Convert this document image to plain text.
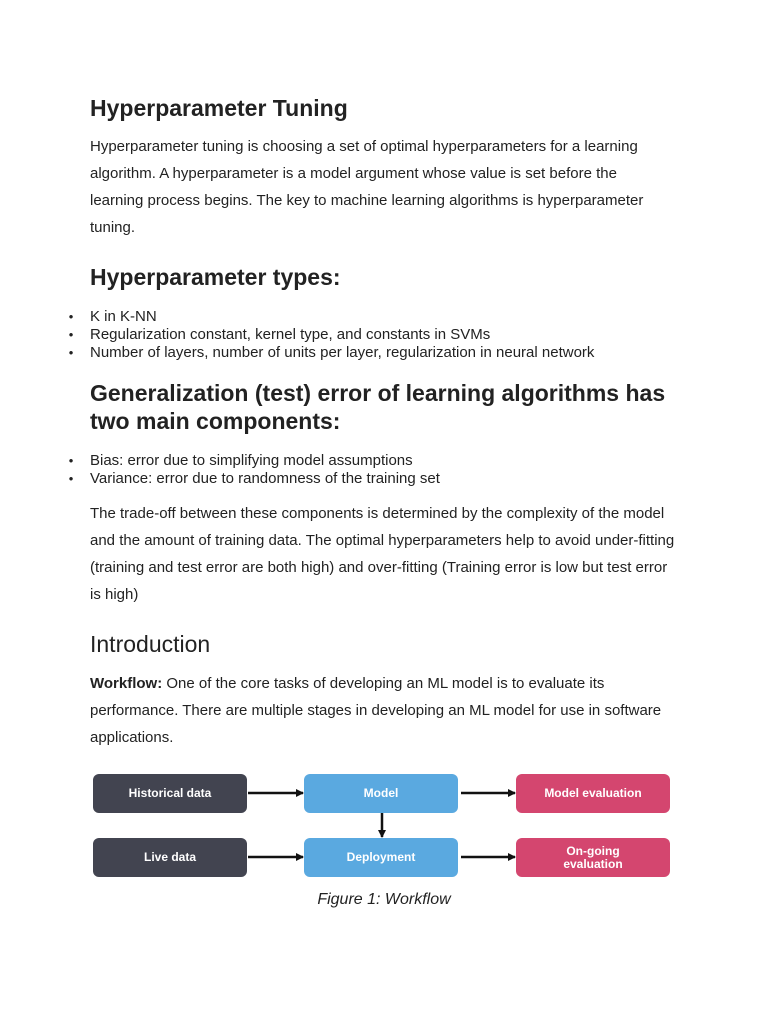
Hyperparameter Tuning
Hyperparameter tuning is choosing a set of optimal hyperparameters for a learning
algorithm. A hyperparameter is a model argument whose value is set before the
learning process begins. The key to machine learning algorithms is hyperparameter
tuning.
Hyperparameter types:
• K in K-NN
• Regularization constant, kernel type, and constants in SVMs
• Number of layers, number of units per layer, regularization in neural network
Generalization (test) error of learning algorithms has
two main components:
• Bias: error due to simplifying model assumptions
• Variance: error due to randomness of the training set
The trade-off between these components is determined by the complexity of the model
and the amount of training data. The optimal hyperparameters help to avoid under-fitting
(training and test error are both high) and over-fitting (Training error is low but test error
is high)
Introduction
Workflow: One of the core tasks of developing an ML model is to evaluate its
performance. There are multiple stages in developing an ML model for use in software
applications.
Historical data	Model	Model evaluation
Live data	Deployment	On-going
evaluation

Figure 1: Workflow
